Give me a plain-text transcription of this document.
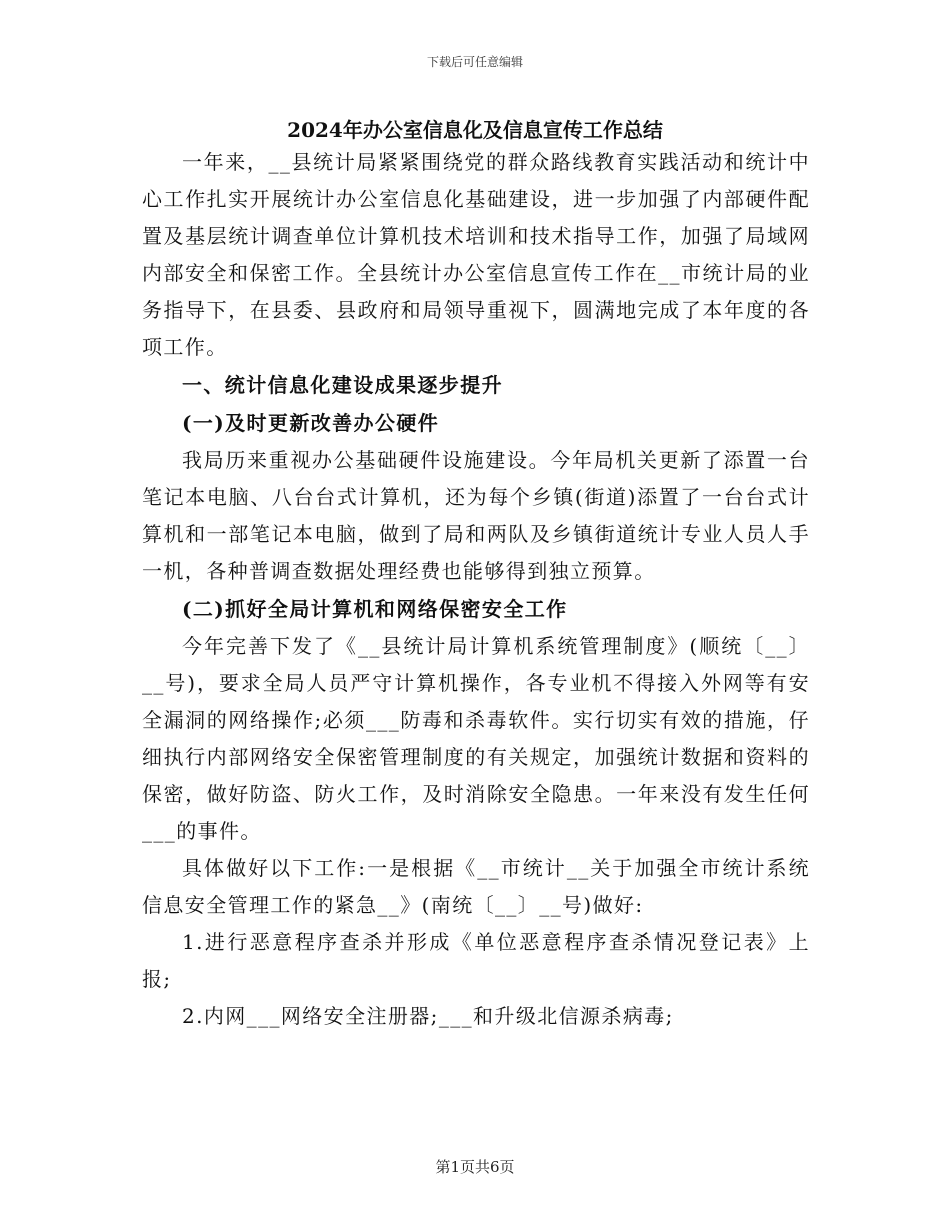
下载后可任意编辑
2024年办公室信息化及信息宣传工作总结

一年来，__县统计局紧紧围绕党的群众路线教育实践活动和统计中心工作扎实开展统计办公室信息化基础建设，进一步加强了内部硬件配置及基层统计调查单位计算机技术培训和技术指导工作，加强了局域网内部安全和保密工作。全县统计办公室信息宣传工作在__市统计局的业务指导下，在县委、县政府和局领导重视下，圆满地完成了本年度的各项工作。

一、统计信息化建设成果逐步提升

(一)及时更新改善办公硬件

我局历来重视办公基础硬件设施建设。今年局机关更新了添置一台笔记本电脑、八台台式计算机，还为每个乡镇(街道)添置了一台台式计算机和一部笔记本电脑，做到了局和两队及乡镇街道统计专业人员人手一机，各种普调查数据处理经费也能够得到独立预算。

(二)抓好全局计算机和网络保密安全工作

今年完善下发了《__县统计局计算机系统管理制度》(顺统〔__〕__号)，要求全局人员严守计算机操作，各专业机不得接入外网等有安全漏洞的网络操作;必须___防毒和杀毒软件。实行切实有效的措施，仔细执行内部网络安全保密管理制度的有关规定，加强统计数据和资料的保密，做好防盗、防火工作，及时消除安全隐患。一年来没有发生任何___的事件。

具体做好以下工作:一是根据《__市统计__关于加强全市统计系统信息安全管理工作的紧急__》(南统〔__〕__号)做好:

1.进行恶意程序查杀并形成《单位恶意程序查杀情况登记表》上报;

2.内网___网络安全注册器;___和升级北信源杀病毒;

第1页共6页
